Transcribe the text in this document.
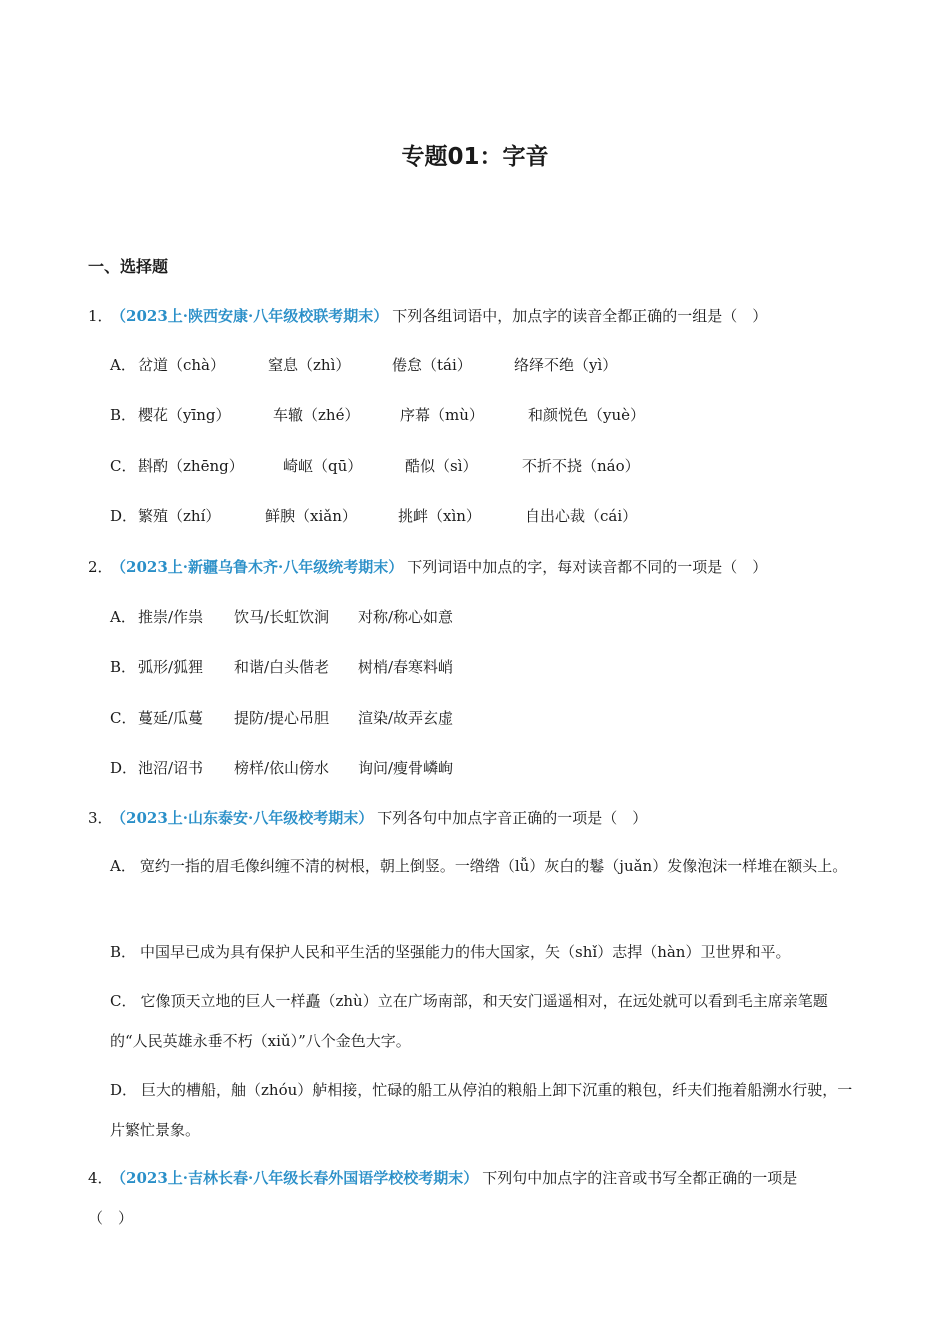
专题01：字音
一、选择题
1． （2023上·陕西安康·八年级校联考期末） 下列各组词语中，加点字的读音全都正确的一组是（　）
A． 岔道（chà）	窒息（zhì）	倦怠（tái）	络绎不绝（yì）
B． 樱花（yīng）	车辙（zhé）	序幕（mù）	和颜悦色（yuè）
C． 斟酌（zhēng）	崎岖（qū）	酷似（sì）	不折不挠（náo）
D．繁殖（zhí）	鲜腴（xiǎn）	挑衅（xìn）	自出心裁（cái）
2． （2023上·新疆乌鲁木齐·八年级统考期末） 下列词语中加点的字，每对读音都不同的一项是（　）
A． 推崇/作祟 饮马/长虹饮涧 对称/称心如意
B． 弧形/狐狸 和谐/白头偕老 树梢/春寒料峭
C． 蔓延/瓜蔓 提防/提心吊胆 渲染/故弄玄虚
D．池沼/诏书 榜样/依山傍水 询问/瘦骨嶙峋
3． （2023上·山东泰安·八年级校考期末） 下列各句中加点字音正确的一项是（　）
A． 宽约一指的眉毛像纠缠不清的树根，朝上倒竖。一绺绺（lǚ）灰白的鬈（juǎn）发像泡沫一样堆在额头上。
B． 中国早已成为具有保护人民和平生活的坚强能力的伟大国家，矢（shǐ）志捍（hàn）卫世界和平。
C． 它像顶天立地的巨人一样矗（zhù）立在广场南部，和天安门遥遥相对，在远处就可以看到毛主席亲笔题的“人民英雄永垂不朽（xiǔ）”八个金色大字。
D． 巨大的槽船，舳（zhóu）舻相接，忙碌的船工从停泊的粮船上卸下沉重的粮包，纤夫们拖着船溯水行驶，一片繁忙景象。
4． （2023上·吉林长春·八年级长春外国语学校校考期末） 下列句中加点字的注音或书写全都正确的一项是
（　）
